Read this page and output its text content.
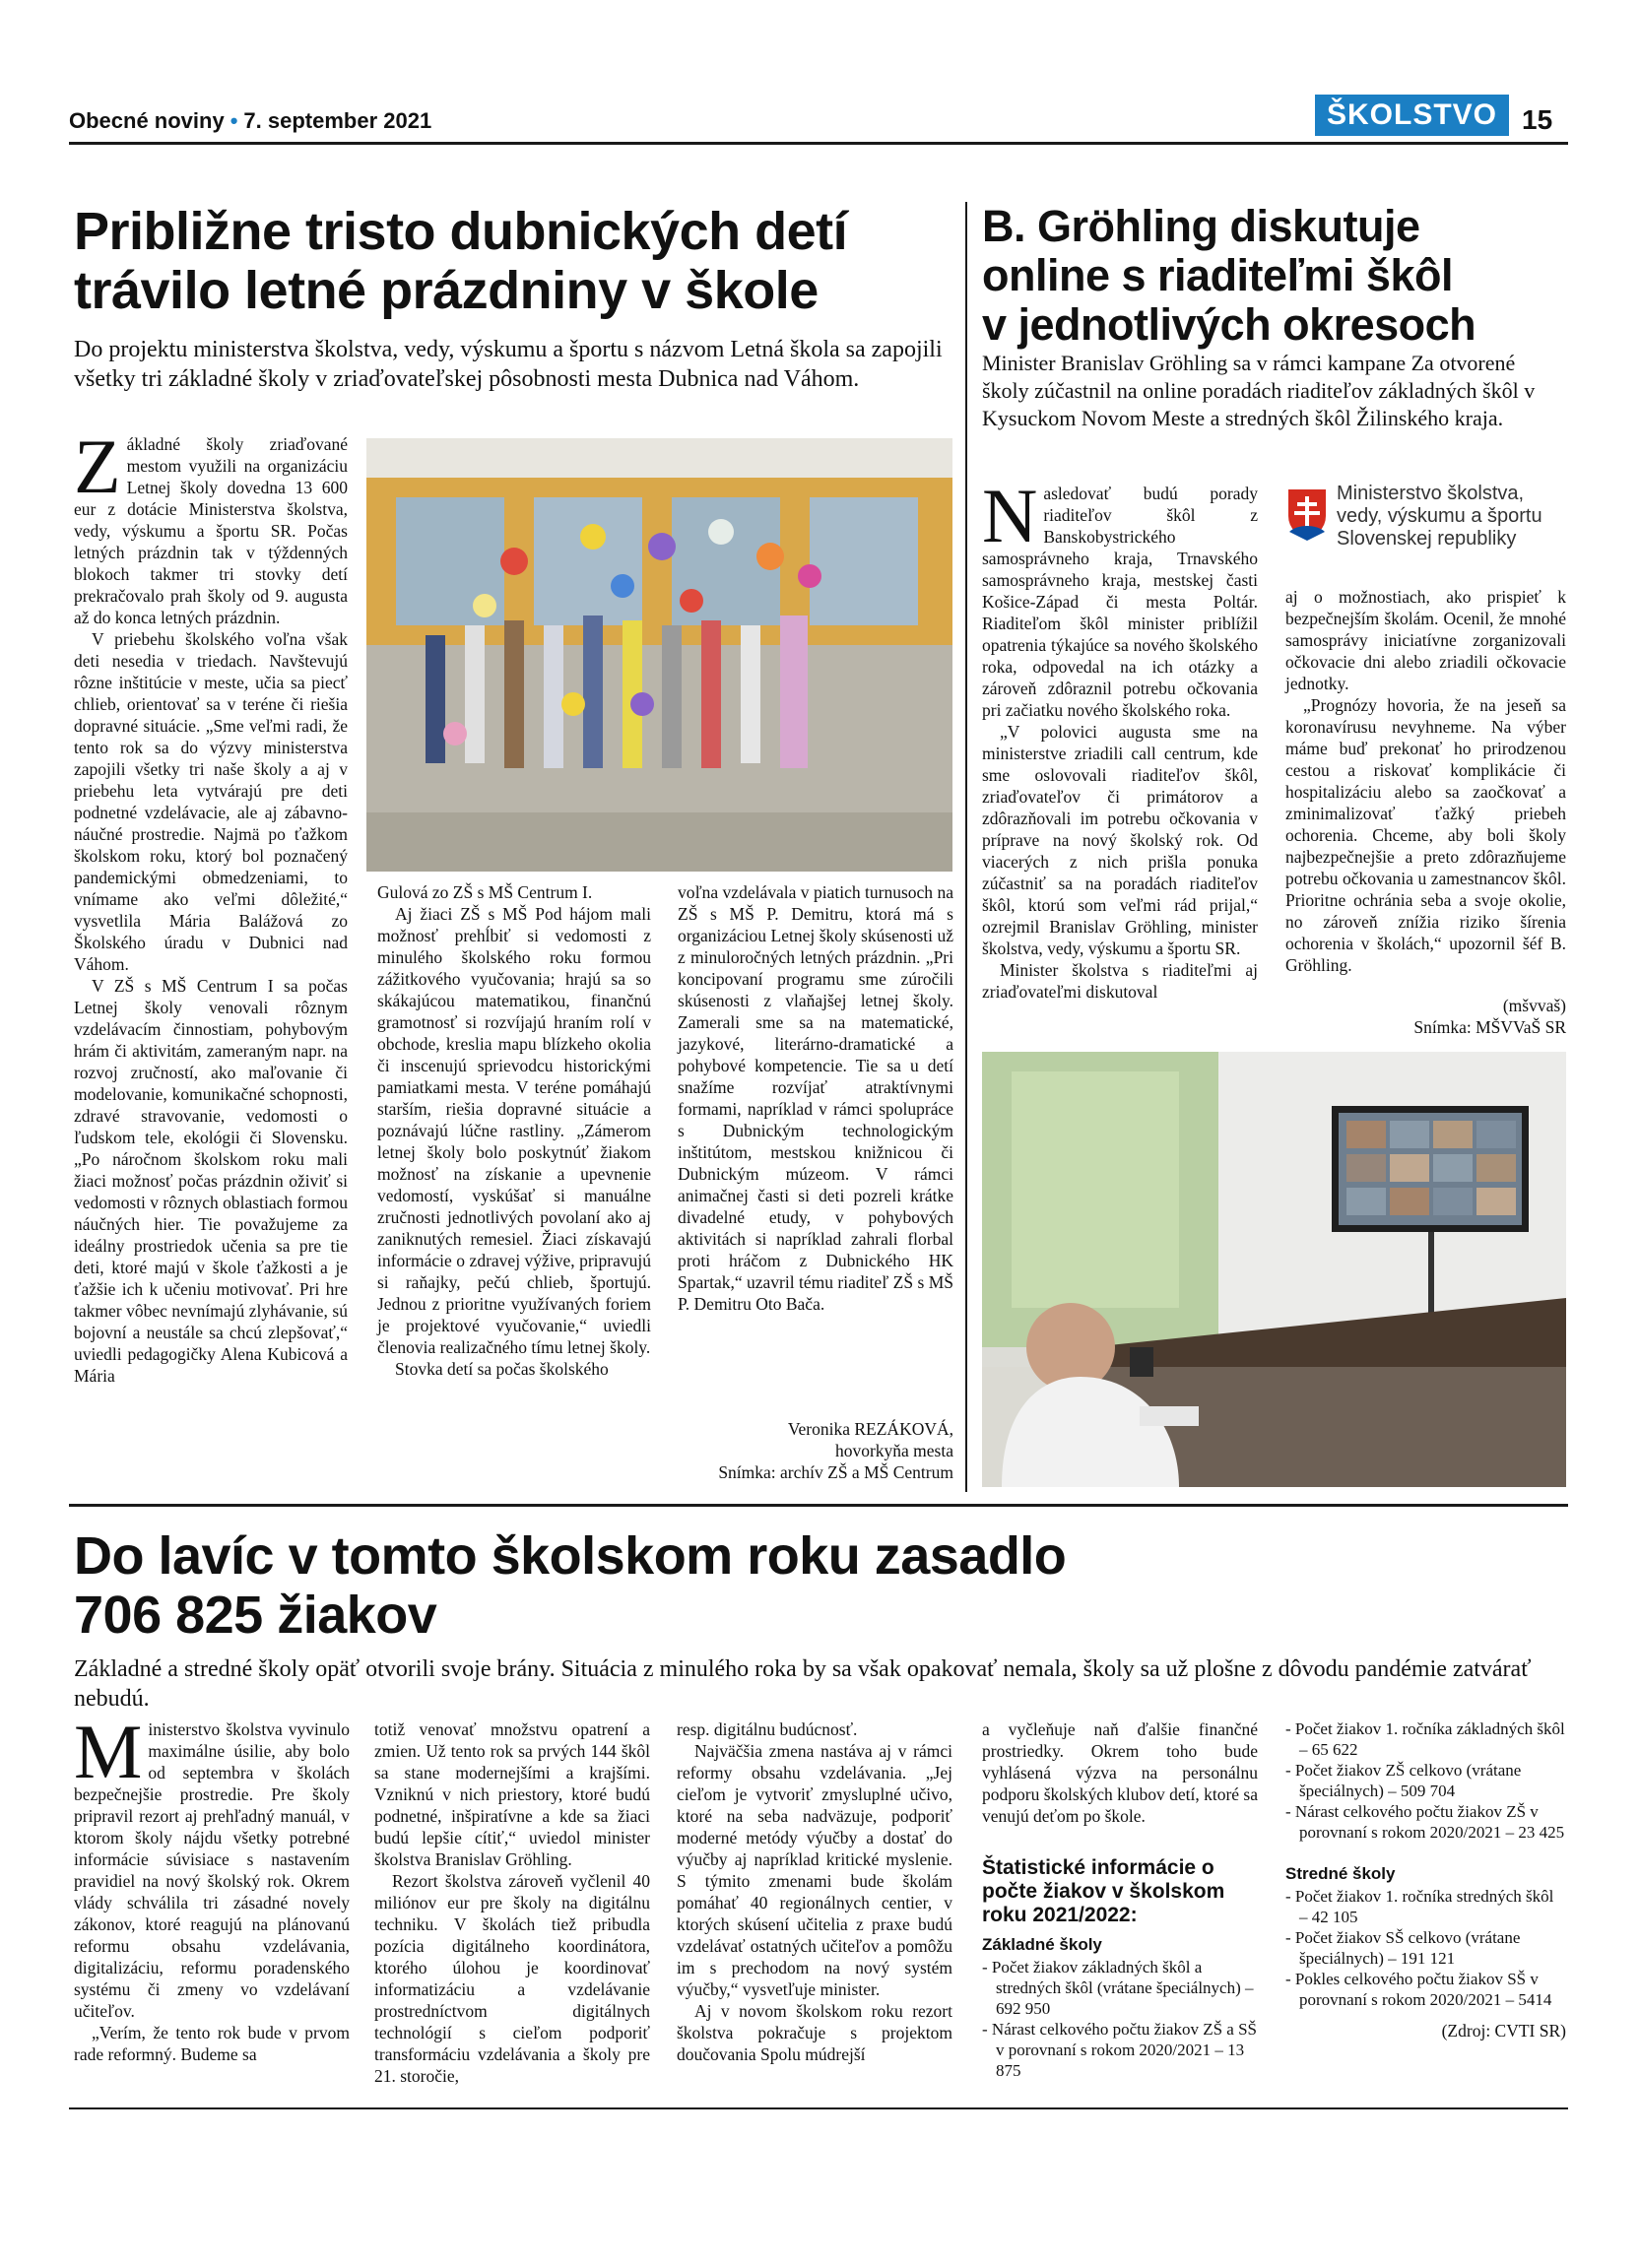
Obecné noviny • 7. september 2021	ŠKOLSTVO 15
Približne tristo dubnických detí
trávilo letné prázdniny v škole
Do projektu ministerstva školstva, vedy, výskumu a športu s názvom Letná škola sa zapojili všetky tri základné školy v zriaďovateľskej pôsobnosti mesta Dubnica nad Váhom.

Základné školy zriaďované mestom využili na organizáciu Letnej školy dovedna 13 600 eur z dotácie Ministerstva školstva, vedy, výskumu a športu SR. Počas letných prázdnin tak v týždenných blokoch takmer tri stovky detí prekračovalo prah školy od 9. augusta až do konca letných prázdnin.

V priebehu školského voľna však deti nesedia v triedach. Navštevujú rôzne inštitúcie v meste, učia sa piecť chlieb, orientovať sa v teréne či riešia dopravné situácie. „Sme veľmi radi, že tento rok sa do výzvy ministerstva zapojili všetky tri naše školy a aj v priebehu leta vytvárajú pre deti podnetné vzdelávacie, ale aj zábavno-náučné prostredie. Najmä po ťažkom školskom roku, ktorý bol poznačený pandemickými obmedzeniami, to vnímame ako veľmi dôležité,“ vysvetlila Mária Balážová zo Školského úradu v Dubnici nad Váhom.

V ZŠ s MŠ Centrum I sa počas Letnej školy venovali rôznym vzdelávacím činnostiam, pohybovým hrám či aktivitám, zameraným napr. na rozvoj zručností, ako maľovanie či modelovanie, komunikačné schopnosti, zdravé stravovanie, vedomosti o ľudskom tele, ekológii či Slovensku. „Po náročnom školskom roku mali žiaci možnosť počas prázdnin oživiť si vedomosti v rôznych oblastiach formou náučných hier. Tie považujeme za ideálny prostriedok učenia sa pre tie deti, ktoré majú v škole ťažkosti a je ťažšie ich k učeniu motivovať. Pri hre takmer vôbec nevnímajú zlyhávanie, sú bojovní a neustále sa chcú zlepšovať,“ uviedli pedagogičky Alena Kubicová a Mária

Gulová zo ZŠ s MŠ Centrum I.

Aj žiaci ZŠ s MŠ Pod hájom mali možnosť prehĺbiť si vedomosti z minulého školského roku formou zážitkového vyučovania; hrajú sa so skákajúcou matematikou, finančnú gramotnosť si rozvíjajú hraním rolí v obchode, kreslia mapu blízkeho okolia či inscenujú sprievodcu historickými pamiatkami mesta. V teréne pomáhajú starším, riešia dopravné situácie a poznávajú lúčne rastliny. „Zámerom letnej školy bolo poskytnúť žiakom možnosť na získanie a upevnenie vedomostí, vyskúšať si manuálne zručnosti jednotlivých povolaní ako aj zaniknutých remesiel. Žiaci získavajú informácie o zdravej výžive, pripravujú si raňajky, pečú chlieb, športujú. Jednou z prioritne využívaných foriem je projektové vyučovanie,“ uviedli členovia realizačného tímu letnej školy.

Stovka detí sa počas školského

voľna vzdelávala v piatich turnusoch na ZŠ s MŠ P. Demitru, ktorá má s organizáciou Letnej školy skúsenosti už z minuloročných letných prázdnin. „Pri koncipovaní programu sme zúročili skúsenosti z vlaňajšej letnej školy. Zamerali sme sa na matematické, jazykové, literárno-dramatické a pohybové kompetencie. Tie sa u detí snažíme rozvíjať atraktívnymi formami, napríklad v rámci spolupráce s Dubnickým technologickým inštitútom, mestskou knižnicou či Dubnickým múzeom. V rámci animačnej časti si deti pozreli krátke divadelné etudy, v pohybových aktivitách si napríklad zahrali florbal proti hráčom z Dubnického HK Spartak,“ uzavril tému riaditeľ ZŠ s MŠ P. Demitru Oto Bača.

Veronika REZÁKOVÁ,
hovorkyňa mesta
Snímka: archív ZŠ a MŠ Centrum
B. Gröhling diskutuje
online s riaditeľmi škôl
v jednotlivých okresoch
Minister Branislav Gröhling sa v rámci kampane Za otvorené školy zúčastnil na online poradách riaditeľov základných škôl v Kysuckom Novom Meste a stredných škôl Žilinského kraja.

Nasledovať budú porady riaditeľov škôl z Banskobystrického samosprávneho kraja, Trnavského samosprávneho kraja, mestskej časti Košice-Západ či mesta Poltár. Riaditeľom škôl minister priblížil opatrenia týkajúce sa nového školského roka, odpovedal na ich otázky a zároveň zdôraznil potrebu očkovania pri začiatku nového školského roka.

„V polovici augusta sme na ministerstve zriadili call centrum, kde sme oslovovali riaditeľov škôl, zriaďovateľov či primátorov a zdôrazňovali im potrebu očkovania v príprave na nový školský rok. Od viacerých z nich prišla ponuka zúčastniť sa na poradách riaditeľov škôl, ktorú som veľmi rád prijal,“ ozrejmil Branislav Gröhling, minister školstva, vedy, výskumu a športu SR.

Minister školstva s riaditeľmi aj zriaďovateľmi diskutoval

Ministerstvo školstva,
vedy, výskumu a športu
Slovenskej republiky

aj o možnostiach, ako prispieť k bezpečnejším školám. Ocenil, že mnohé samosprávy iniciatívne zorganizovali očkovacie dni alebo zriadili očkovacie jednotky.

„Prognózy hovoria, že na jeseň sa koronavírusu nevyhneme. Na výber máme buď prekonať ho prirodzenou cestou a riskovať komplikácie či hospitalizáciu alebo sa zaočkovať a zminimalizovať ťažký priebeh ochorenia. Chceme, aby boli školy najbezpečnejšie a preto zdôrazňujeme potrebu očkovania u zamestnancov škôl. Prioritne ochránia seba a svoje okolie, no zároveň znížia riziko šírenia ochorenia v školách,“ upozornil šéf B. Gröhling.

(mšvvaš)
Snímka: MŠVVaŠ SR
Do lavíc v tomto školskom roku zasadlo
706 825 žiakov
Základné a stredné školy opäť otvorili svoje brány. Situácia z minulého roka by sa však opakovať nemala, školy sa už plošne z dôvodu pandémie zatvárať nebudú.

Ministerstvo školstva vyvinulo maximálne úsilie, aby bolo od septembra v školách bezpečnejšie prostredie. Pre školy pripravil rezort aj prehľadný manuál, v ktorom školy nájdu všetky potrebné informácie súvisiace s nastavením pravidiel na nový školský rok. Okrem vlády schválila tri zásadné novely zákonov, ktoré reagujú na plánovanú reformu obsahu vzdelávania, digitalizáciu, reformu poradenského systému či zmeny vo vzdelávaní učiteľov.

„Verím, že tento rok bude v prvom rade reformný. Budeme sa

totiž venovať množstvu opatrení a zmien. Už tento rok sa prvých 144 škôl sa stane modernejšími a krajšími. Vzniknú v nich priestory, ktoré budú podnetné, inšpiratívne a kde sa žiaci budú lepšie cítiť,“ uviedol minister školstva Branislav Gröhling.

Rezort školstva zároveň vyčlenil 40 miliónov eur pre školy na digitálnu techniku. V školách tiež pribudla pozícia digitálneho koordinátora, ktorého úlohou je koordinovať informatizáciu a vzdelávanie prostredníctvom digitálnych technológií s cieľom podporiť transformáciu vzdelávania a školy pre 21. storočie,

resp. digitálnu budúcnosť.

Najväčšia zmena nastáva aj v rámci reformy obsahu vzdelávania. „Jej cieľom je vytvoriť zmysluplné učivo, ktoré na seba nadväzuje, podporiť moderné metódy výučby a dostať do výučby aj napríklad kritické myslenie. S týmito zmenami bude školám pomáhať 40 regionálnych centier, v ktorých skúsení učitelia z praxe budú vzdelávať ostatných učiteľov a pomôžu im s prechodom na nový systém výučby,“ vysvetľuje minister.

Aj v novom školskom roku rezort školstva pokračuje s projektom doučovania Spolu múdrejší

a vyčleňuje naň ďalšie finančné prostriedky. Okrem toho bude vyhlásená výzva na personálnu podporu školských klubov detí, ktoré sa venujú deťom po škole.

Štatistické informácie o počte žiakov v školskom roku 2021/2022:
Základné školy
- Počet žiakov základných škôl a stredných škôl (vrátane špeciálnych) – 692 950
- Nárast celkového počtu žiakov ZŠ a SŠ v porovnaní s rokom 2020/2021 – 13 875
- Počet žiakov 1. ročníka základných škôl – 65 622
- Počet žiakov ZŠ celkovo (vrátane špeciálnych) – 509 704
- Nárast celkového počtu žiakov ZŠ v porovnaní s rokom 2020/2021 – 23 425
Stredné školy
- Počet žiakov 1. ročníka stredných škôl – 42 105
- Počet žiakov SŠ celkovo (vrátane špeciálnych) – 191 121
- Pokles celkového počtu žiakov SŠ v porovnaní s rokom 2020/2021 – 5414
(Zdroj: CVTI SR)
